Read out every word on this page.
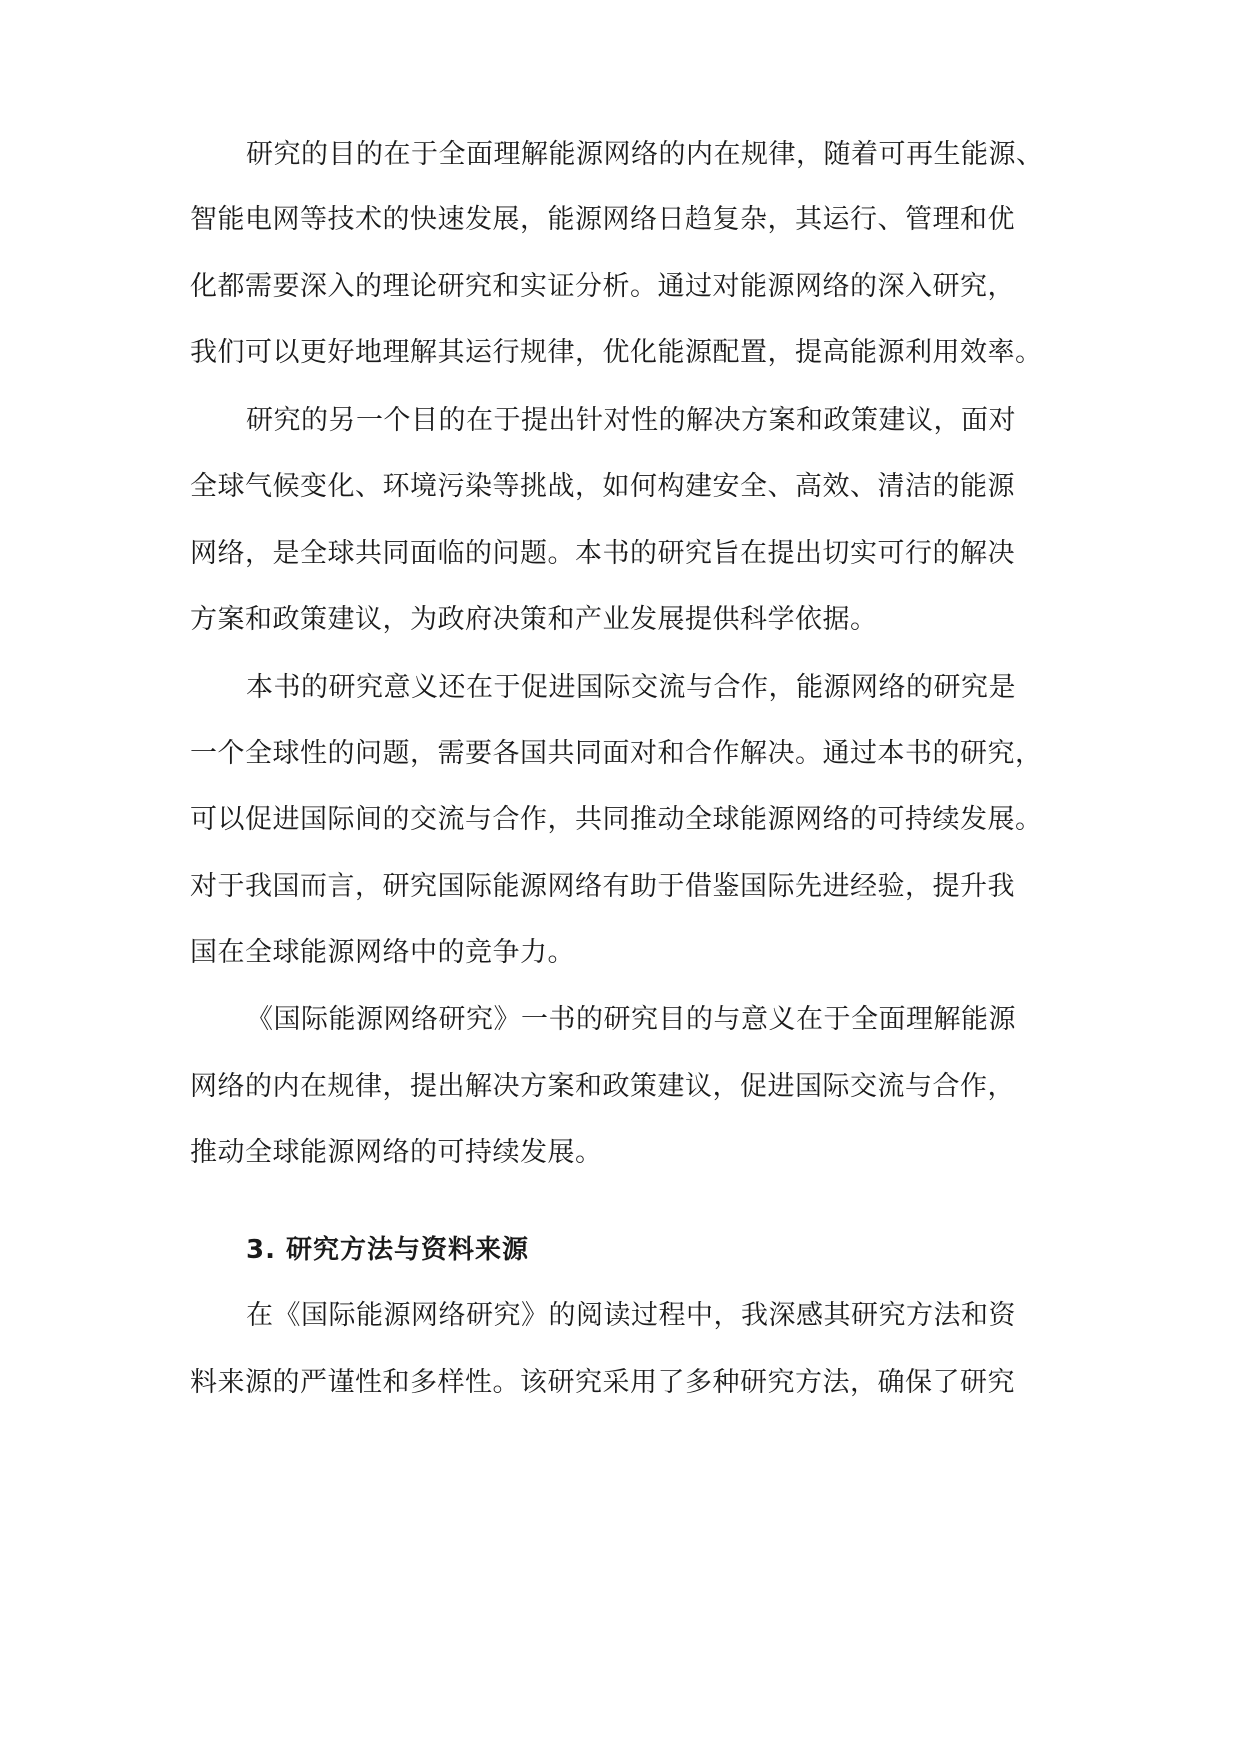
研究的目的在于全面理解能源网络的内在规律，随着可再生能源、
智能电网等技术的快速发展，能源网络日趋复杂，其运行、管理和优
化都需要深入的理论研究和实证分析。通过对能源网络的深入研究，
我们可以更好地理解其运行规律，优化能源配置，提高能源利用效率。
研究的另一个目的在于提出针对性的解决方案和政策建议，面对
全球气候变化、环境污染等挑战，如何构建安全、高效、清洁的能源
网络，是全球共同面临的问题。本书的研究旨在提出切实可行的解决
方案和政策建议，为政府决策和产业发展提供科学依据。
本书的研究意义还在于促进国际交流与合作，能源网络的研究是
一个全球性的问题，需要各国共同面对和合作解决。通过本书的研究，
可以促进国际间的交流与合作，共同推动全球能源网络的可持续发展。
对于我国而言，研究国际能源网络有助于借鉴国际先进经验，提升我
国在全球能源网络中的竞争力。
《国际能源网络研究》一书的研究目的与意义在于全面理解能源
网络的内在规律，提出解决方案和政策建议，促进国际交流与合作，
推动全球能源网络的可持续发展。
3. 研究方法与资料来源
在《国际能源网络研究》的阅读过程中，我深感其研究方法和资
料来源的严谨性和多样性。该研究采用了多种研究方法，确保了研究
